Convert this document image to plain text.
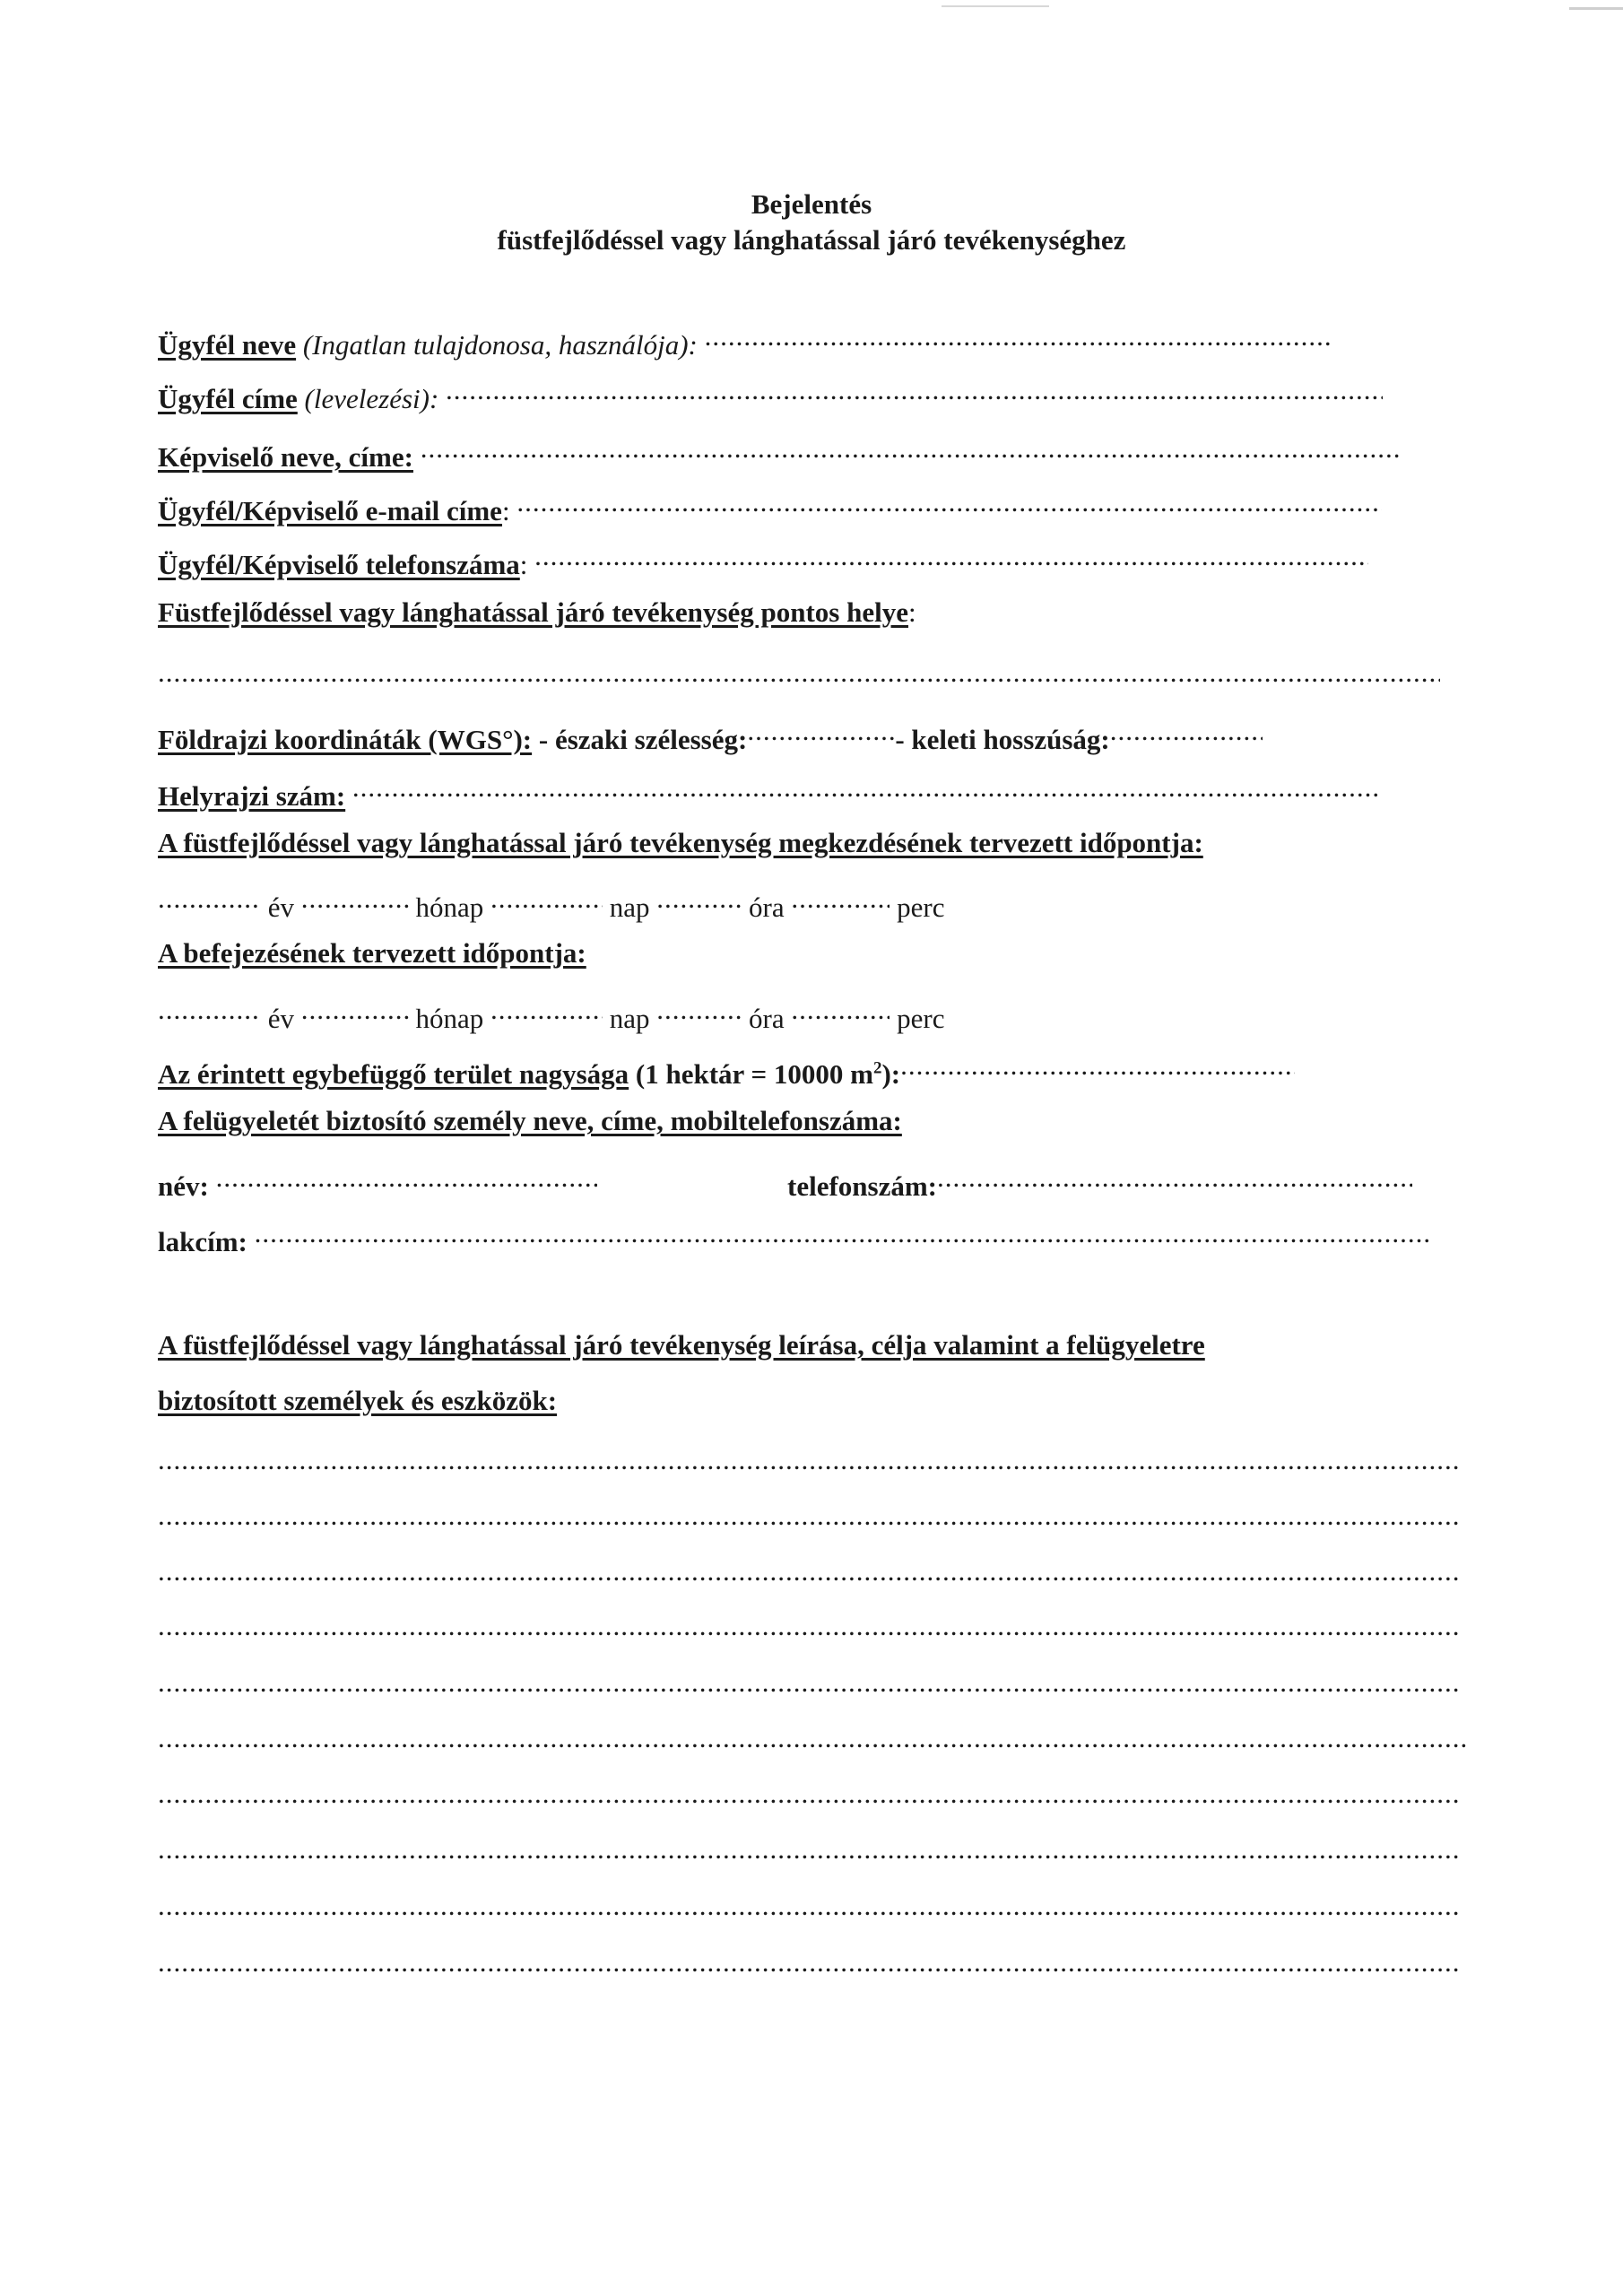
Bejelentés
füstfejlődéssel vagy lánghatással járó tevékenységhez
Ügyfél neve (Ingatlan tulajdonosa, használója): .....
Ügyfél címe (levelezési): .....
Képviselő neve, címe: .....
Ügyfél/Képviselő e-mail címe: .....
Ügyfél/Képviselő telefonszáma: .....
Füstfejlődéssel vagy lánghatással járó tevékenység pontos helye:
.....
Földrajzi koordináták (WGS°): - északi szélesség: .....	- keleti hosszúság:.....
Helyrajzi szám: .....
A füstfejlődéssel vagy lánghatással járó tevékenység megkezdésének tervezett időpontja:
..... év .....	hónap .....	nap .....	óra .....	perc
A befejezésének tervezett időpontja:
..... év .....	hónap .....	nap .....	óra .....	perc
Az érintett egybefüggő terület nagysága (1 hektár = 10000 $m^2$):.....
A felügyeletét biztosító személy neve, címe, mobiltelefonszáma:
név: .....	telefonszám:.....
lakcím: .....
A füstfejlődéssel vagy lánghatással járó tevékenység leírása, célja valamint a felügyeletre
biztosított személyek és eszközök:
.....
.....
.....
.....
.....
.....
.....
.....
.....
.....
